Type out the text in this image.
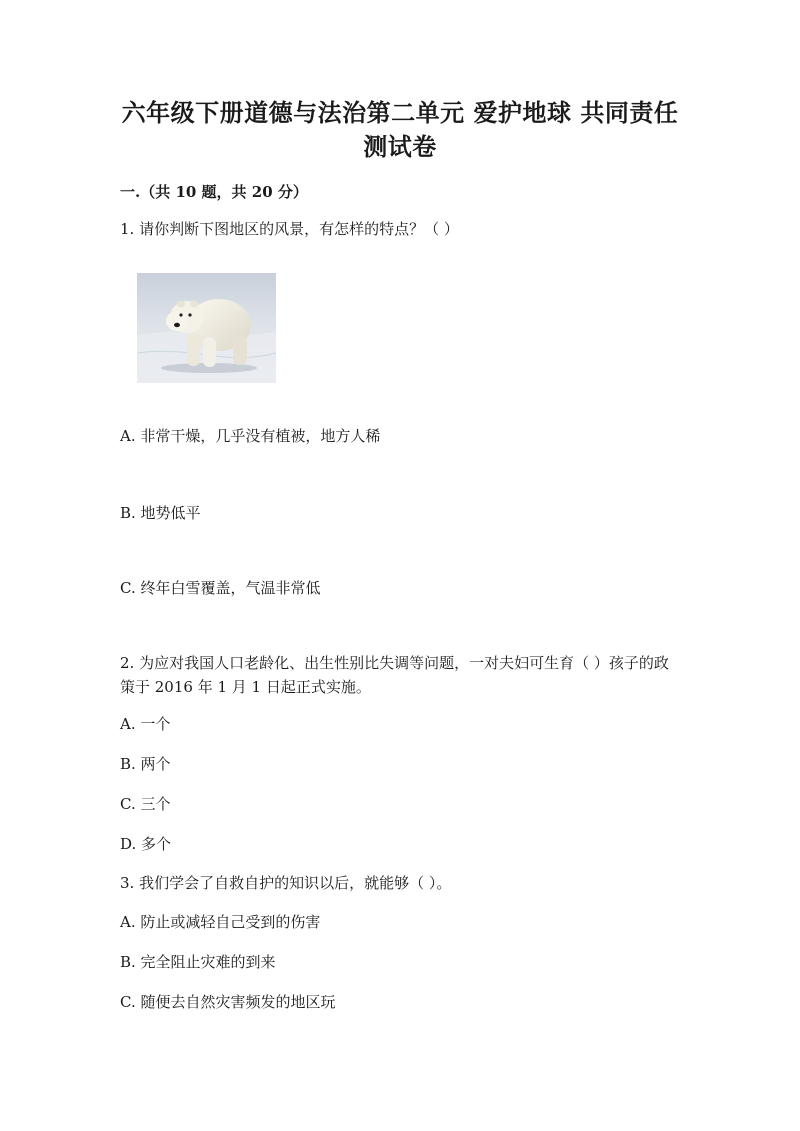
六年级下册道德与法治第二单元 爱护地球 共同责任 测试卷
一.（共 10 题，共 20 分）
1. 请你判断下图地区的风景，有怎样的特点？（ ）
A. 非常干燥，几乎没有植被，地方人稀
B. 地势低平
C. 终年白雪覆盖，气温非常低
2. 为应对我国人口老龄化、出生性别比失调等问题，一对夫妇可生育（ ）孩子的政策于 2016 年 1 月 1 日起正式实施。
A. 一个
B. 两个
C. 三个
D. 多个
3. 我们学会了自救自护的知识以后，就能够（ ）。
A. 防止或减轻自己受到的伤害
B. 完全阻止灾难的到来
C. 随便去自然灾害频发的地区玩
